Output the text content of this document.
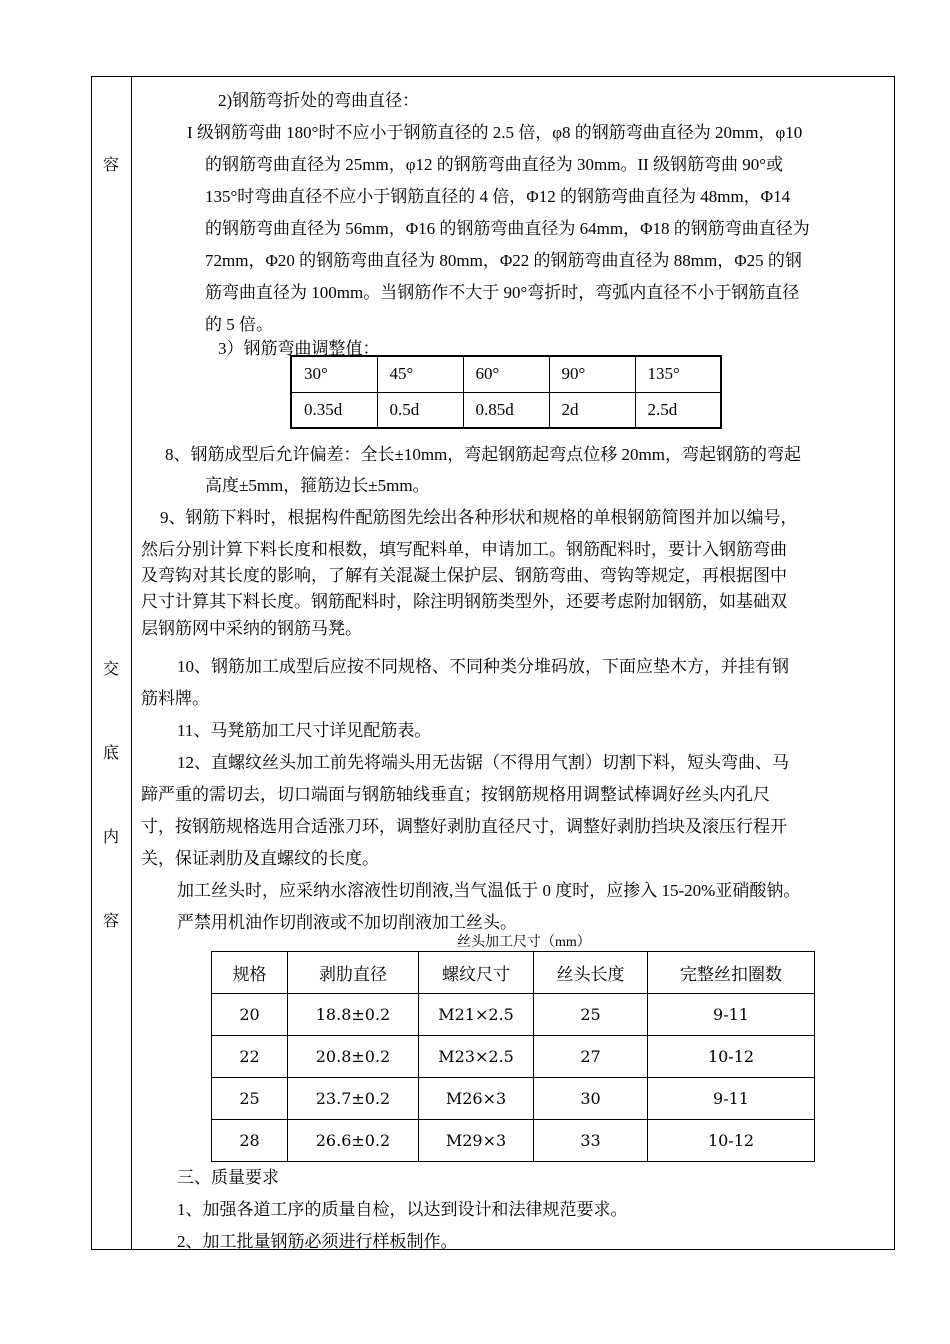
容
交
底
内
容
2)钢筋弯折处的弯曲直径：
I 级钢筋弯曲 180°时不应小于钢筋直径的 2.5 倍，φ8 的钢筋弯曲直径为 20mm，φ10
的钢筋弯曲直径为 25mm，φ12 的钢筋弯曲直径为 30mm。II 级钢筋弯曲 90°或
135°时弯曲直径不应小于钢筋直径的 4 倍，Φ12 的钢筋弯曲直径为 48mm，Φ14
的钢筋弯曲直径为 56mm，Φ16 的钢筋弯曲直径为 64mm，Φ18 的钢筋弯曲直径为
72mm，Φ20 的钢筋弯曲直径为 80mm，Φ22 的钢筋弯曲直径为 88mm，Φ25 的钢
筋弯曲直径为 100mm。当钢筋作不大于 90°弯折时，弯弧内直径不小于钢筋直径
的 5 倍。
3）钢筋弯曲调整值：
30°	45°	60°	90°	135°
0.35d	0.5d	0.85d	2d	2.5d
8、钢筋成型后允许偏差：全长±10mm，弯起钢筋起弯点位移 20mm，弯起钢筋的弯起
高度±5mm，箍筋边长±5mm。
9、钢筋下料时，根据构件配筋图先绘出各种形状和规格的单根钢筋简图并加以编号，
然后分别计算下料长度和根数，填写配料单，申请加工。钢筋配料时，要计入钢筋弯曲
及弯钩对其长度的影响，了解有关混凝土保护层、钢筋弯曲、弯钩等规定，再根据图中
尺寸计算其下料长度。钢筋配料时，除注明钢筋类型外，还要考虑附加钢筋，如基础双
层钢筋网中采纳的钢筋马凳。
10、钢筋加工成型后应按不同规格、不同种类分堆码放，下面应垫木方，并挂有钢
筋料牌。
11、马凳筋加工尺寸详见配筋表。
12、直螺纹丝头加工前先将端头用无齿锯（不得用气割）切割下料，短头弯曲、马
蹄严重的需切去，切口端面与钢筋轴线垂直；按钢筋规格用调整试棒调好丝头内孔尺
寸，按钢筋规格选用合适涨刀环，调整好剥肋直径尺寸，调整好剥肋挡块及滚压行程开
关，保证剥肋及直螺纹的长度。
加工丝头时，应采纳水溶液性切削液,当气温低于 0 度时，应掺入 15-20%亚硝酸钠。
严禁用机油作切削液或不加切削液加工丝头。
丝头加工尺寸（mm）
规格	剥肋直径	螺纹尺寸	丝头长度	完整丝扣圈数
20	18.8±0.2	M21×2.5	25	9-11
22	20.8±0.2	M23×2.5	27	10-12
25	23.7±0.2	M26×3	30	9-11
28	26.6±0.2	M29×3	33	10-12
三、质量要求
1、加强各道工序的质量自检，以达到设计和法律规范要求。
2、加工批量钢筋必须进行样板制作。
